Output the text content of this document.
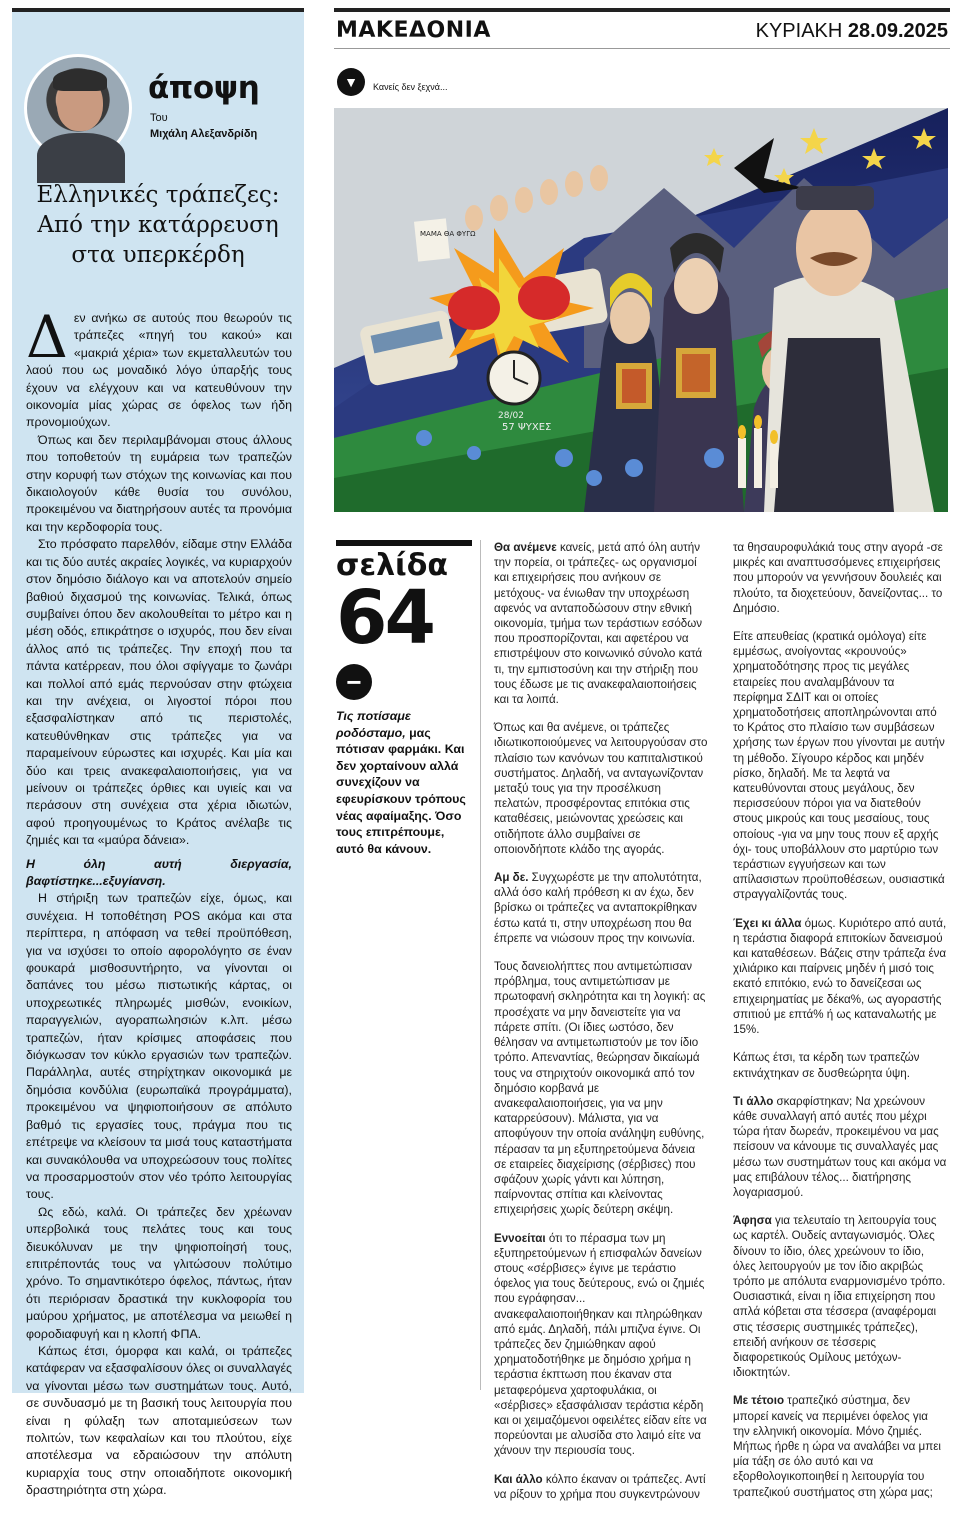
άποψη
Του
Μιχάλη Αλεξανδρίδη
Ελληνικές τράπεζες: Από την κατάρρευση στα υπερκέρδη

Δεν ανήκω σε αυτούς που θεωρούν τις τράπεζες «πηγή του κακού» και «μακριά χέρια» των εκμεταλλευτών του λαού που ως μοναδικό λόγο ύπαρξής τους έχουν να ελέγχουν και να κατευθύνουν την οικονομία μίας χώρας σε όφελος των ήδη προνομιούχων.

Όπως και δεν περιλαμβάνομαι στους άλλους που τοποθετούν τη ευμάρεια των τραπεζών στην κορυφή των στόχων της κοινωνίας και που δικαιολογούν κάθε θυσία του συνόλου, προκειμένου να διατηρήσουν αυτές τα προνόμια και την κερδοφορία τους.

Στο πρόσφατο παρελθόν, είδαμε στην Ελλάδα και τις δύο αυτές ακραίες λογικές, να κυριαρχούν στον δημόσιο διάλογο και να αποτελούν σημείο βαθιού διχασμού της κοινωνίας. Τελικά, όπως συμβαίνει όπου δεν ακολουθείται το μέτρο και η μέση οδός, επικράτησε ο ισχυρός, που δεν είναι άλλος από τις τράπεζες. Την εποχή που τα πάντα κατέρρεαν, που όλοι σφίγγαμε το ζωνάρι και πολλοί από εμάς περνούσαν στην φτώχεια και την ανέχεια, οι λιγοστοί πόροι που εξασφαλίστηκαν από τις περιστολές, κατευθύνθηκαν στις τράπεζες για να παραμείνουν εύρωστες και ισχυρές. Και μία και δύο και τρεις ανακεφαλαιοποιήσεις, για να μείνουν οι τράπεζες όρθιες και υγιείς και να περάσουν στη συνέχεια στα χέρια ιδιωτών, αφού προηγουμένως το Κράτος ανέλαβε τις ζημιές και τα «μαύρα δάνεια».

Η όλη αυτή διεργασία, βαφτίστηκε...εξυγίανση.

Η στήριξη των τραπεζών είχε, όμως, και συνέχεια. Η τοποθέτηση POS ακόμα και στα περίπτερα, η απόφαση να τεθεί προϋπόθεση, για να ισχύσει το οποίο αφορολόγητο σε έναν φουκαρά μισθοσυντήρητο, να γίνονται οι δαπάνες του μέσω πιστωτικής κάρτας, οι υποχρεωτικές πληρωμές μισθών, ενοικίων, παραγγελιών, αγοραπωλησιών κ.λπ. μέσω τραπεζών, ήταν κρίσιμες αποφάσεις που διόγκωσαν τον κύκλο εργασιών των τραπεζών. Παράλληλα, αυτές στηρίχτηκαν οικονομικά με δημόσια κονδύλια (ευρωπαϊκά προγράμματα), προκειμένου να ψηφιοποιήσουν σε απόλυτο βαθμό τις εργασίες τους, πράγμα που τις επέτρεψε να κλείσουν τα μισά τους καταστήματα και συνακόλουθα να υποχρεώσουν τους πολίτες να προσαρμοστούν στον νέο τρόπο λειτουργίας τους.

Ως εδώ, καλά. Οι τράπεζες δεν χρέωναν υπερβολικά τους πελάτες τους και τους διευκόλυναν με την ψηφιοποίησή τους, επιτρέποντάς τους να γλιτώσουν πολύτιμο χρόνο. Το σημαντικότερο όφελος, πάντως, ήταν ότι περιόρισαν δραστικά την κυκλοφορία του μαύρου χρήματος, με αποτέλεσμα να μειωθεί η φοροδιαφυγή και η κλοπή ΦΠΑ.

Κάπως έτσι, όμορφα και καλά, οι τράπεζες κατάφεραν να εξασφαλίσουν όλες οι συναλλαγές να γίνονται μέσω των συστημάτων τους. Αυτό, σε συνδυασμό με τη βασική τους λειτουργία που είναι η φύλαξη των αποταμιεύσεων των πολιτών, των κεφαλαίων και του πλούτου, είχε αποτέλεσμα να εδραιώσουν την απόλυτη κυριαρχία τους στην οποιαδήποτε οικονομική δραστηριότητα στη χώρα.

ΜΑΚΕΔΟΝΙΑ	ΚΥΡΙΑΚΗ 28.09.2025
▼	Κανείς δεν ξεχνά...
ΜΑΜΑ ΘΑ ΦΥΓΩ
28/02
57 ΨΥΧΕΣ
σελίδα
64
−
Τις ποτίσαμε ροδόσταμο, μας πότισαν φαρμάκι. Και δεν χορταίνουν αλλά συνεχίζουν να εφευρίσκουν τρόπους νέας αφαίμαξης. Όσο τους επιτρέπουμε, αυτό θα κάνουν.

Θα ανέμενε κανείς, μετά από όλη αυτήν την πορεία, οι τράπεζες- ως οργανισμοί και επιχειρήσεις που ανήκουν σε μετόχους- να ένιωθαν την υποχρέωση αφενός να ανταποδώσουν στην εθνική οικονομία, τμήμα των τεράστιων εσόδων που προσπορίζονται, και αφετέρου να επιστρέψουν στο κοινωνικό σύνολο κατά τι, την εμπιστοσύνη και την στήριξη που τους έδωσε με τις ανακεφαλαιοποιήσεις και τα λοιπά.

Όπως και θα ανέμενε, οι τράπεζες ιδιωτικοποιούμενες να λειτουργούσαν στο πλαίσιο των κανόνων του καπιταλιστικού συστήματος. Δηλαδή, να ανταγωνίζονταν μεταξύ τους για την προσέλκυση πελατών, προσφέροντας επιτόκια στις καταθέσεις, μειώνοντας χρεώσεις και οτιδήποτε άλλο συμβαίνει σε οποιονδήποτε κλάδο της αγοράς.

Αμ δε. Συγχωρέστε με την απολυτότητα, αλλά όσο καλή πρόθεση κι αν έχω, δεν βρίσκω οι τράπεζες να ανταποκρίθηκαν έστω κατά τι, στην υποχρέωση που θα έπρεπε να νιώσουν προς την κοινωνία.

Τους δανειολήπτες που αντιμετώπισαν πρόβλημα, τους αντιμετώπισαν με πρωτοφανή σκληρότητα και τη λογική: ας προσέχατε να μην δανειστείτε για να πάρετε σπίτι. (Οι ίδιες ωστόσο, δεν θέλησαν να αντιμετωπιστούν με τον ίδιο τρόπο. Απεναντίας, θεώρησαν δικαίωμά τους να στηριχτούν οικονομικά από τον δημόσιο κορβανά με ανακεφαλαιοποιήσεις, για να μην καταρρεύσουν). Μάλιστα, για να αποφύγουν την οποία ανάληψη ευθύνης, πέρασαν τα μη εξυπηρετούμενα δάνεια σε εταιρείες διαχείρισης (σέρβισες) που σφάζουν χωρίς γάντι και λύπηση, παίρνοντας σπίτια και κλείνοντας επιχειρήσεις χωρίς δεύτερη σκέψη.

Εννοείται ότι το πέρασμα των μη εξυπηρετούμενων ή επισφαλών δανείων στους «σέρβισες» έγινε με τεράστιο όφελος για τους δεύτερους, ενώ οι ζημιές που εγράφησαν... ανακεφαλαιοποιήθηκαν και πληρώθηκαν από εμάς. Δηλαδή, πάλι μπιζνα έγινε. Οι τράπεζες δεν ζημιώθηκαν αφού χρηματοδοτήθηκε με δημόσιο χρήμα η τεράστια έκπτωση που έκαναν στα μεταφερόμενα χαρτοφυλάκια, οι «σέρβισες» εξασφάλισαν τεράστια κέρδη και οι χειμαζόμενοι οφειλέτες είδαν είτε να πορεύονται με αλυσίδα στο λαιμό είτε να χάνουν την περιουσία τους.

Και άλλο κόλπο έκαναν οι τράπεζες. Αντί να ρίξουν το χρήμα που συγκεντρώνουν

τα θησαυροφυλάκιά τους στην αγορά -σε μικρές και αναπτυσσόμενες επιχειρήσεις που μπορούν να γεννήσουν δουλειές και πλούτο, τα διοχετεύουν, δανείζοντας... το Δημόσιο.

Είτε απευθείας (κρατικά ομόλογα) είτε εμμέσως, ανοίγοντας «κρουνούς» χρηματοδότησης προς τις μεγάλες εταιρείες που αναλαμβάνουν τα περίφημα ΣΔΙΤ και οι οποίες χρηματοδοτήσεις αποπληρώνονται από το Κράτος στο πλαίσιο των συμβάσεων χρήσης των έργων που γίνονται με αυτήν τη μέθοδο. Σίγουρο κέρδος και μηδέν ρίσκο, δηλαδή. Με τα λεφτά να κατευθύνονται στους μεγάλους, δεν περισσεύουν πόροι για να διατεθούν στους μικρούς και τους μεσαίους, τους οποίους -για να μην τους πουν εξ αρχής όχι- τους υποβάλλουν στο μαρτύριο των τεράστιων εγγυήσεων και των απίλασιστων προϋποθέσεων, ουσιαστικά στραγγαλίζοντάς τους.

Έχει κι άλλα όμως. Κυριότερο από αυτά, η τεράστια διαφορά επιτοκίων δανεισμού και καταθέσεων. Βάζεις στην τράπεζα ένα χιλιάρικο και παίρνεις μηδέν ή μισό τοις εκατό επιτόκιο, ενώ το δανείζεσαι ως επιχειρηματίας με δέκα%, ως αγοραστής σπιτιού με επτά% ή ως καταναλωτής με 15%.

Κάπως έτσι, τα κέρδη των τραπεζών εκτινάχτηκαν σε δυσθεώρητα ύψη.

Τι άλλο σκαρφίστηκαν; Να χρεώνουν κάθε συναλλαγή από αυτές που μέχρι τώρα ήταν δωρεάν, προκειμένου να μας πείσουν να κάνουμε τις συναλλαγές μας μέσω των συστημάτων τους και ακόμα να μας επιβάλουν τέλος... διατήρησης λογαριασμού.

Άφησα για τελευταίο τη λειτουργία τους ως καρτέλ. Ουδείς ανταγωνισμός. Όλες δίνουν το ίδιο, όλες χρεώνουν το ίδιο, όλες λειτουργούν με τον ίδιο ακριβώς τρόπο με απόλυτα εναρμονισμένο τρόπο. Ουσιαστικά, είναι η ίδια επιχείρηση που απλά κόβεται στα τέσσερα (αναφέρομαι στις τέσσερις συστημικές τράπεζες), επειδή ανήκουν σε τέσσερις διαφορετικούς Ομίλους μετόχων-ιδιοκτητών.

Με τέτοιο τραπεζικό σύστημα, δεν μπορεί κανείς να περιμένει όφελος για την ελληνική οικονομία. Μόνο ζημιές. Μήπως ήρθε η ώρα να αναλάβει να μπει μία τάξη σε όλο αυτό και να εξορθολογικοποιηθεί η λειτουργία του τραπεζικού συστήματος στη χώρα μας;
